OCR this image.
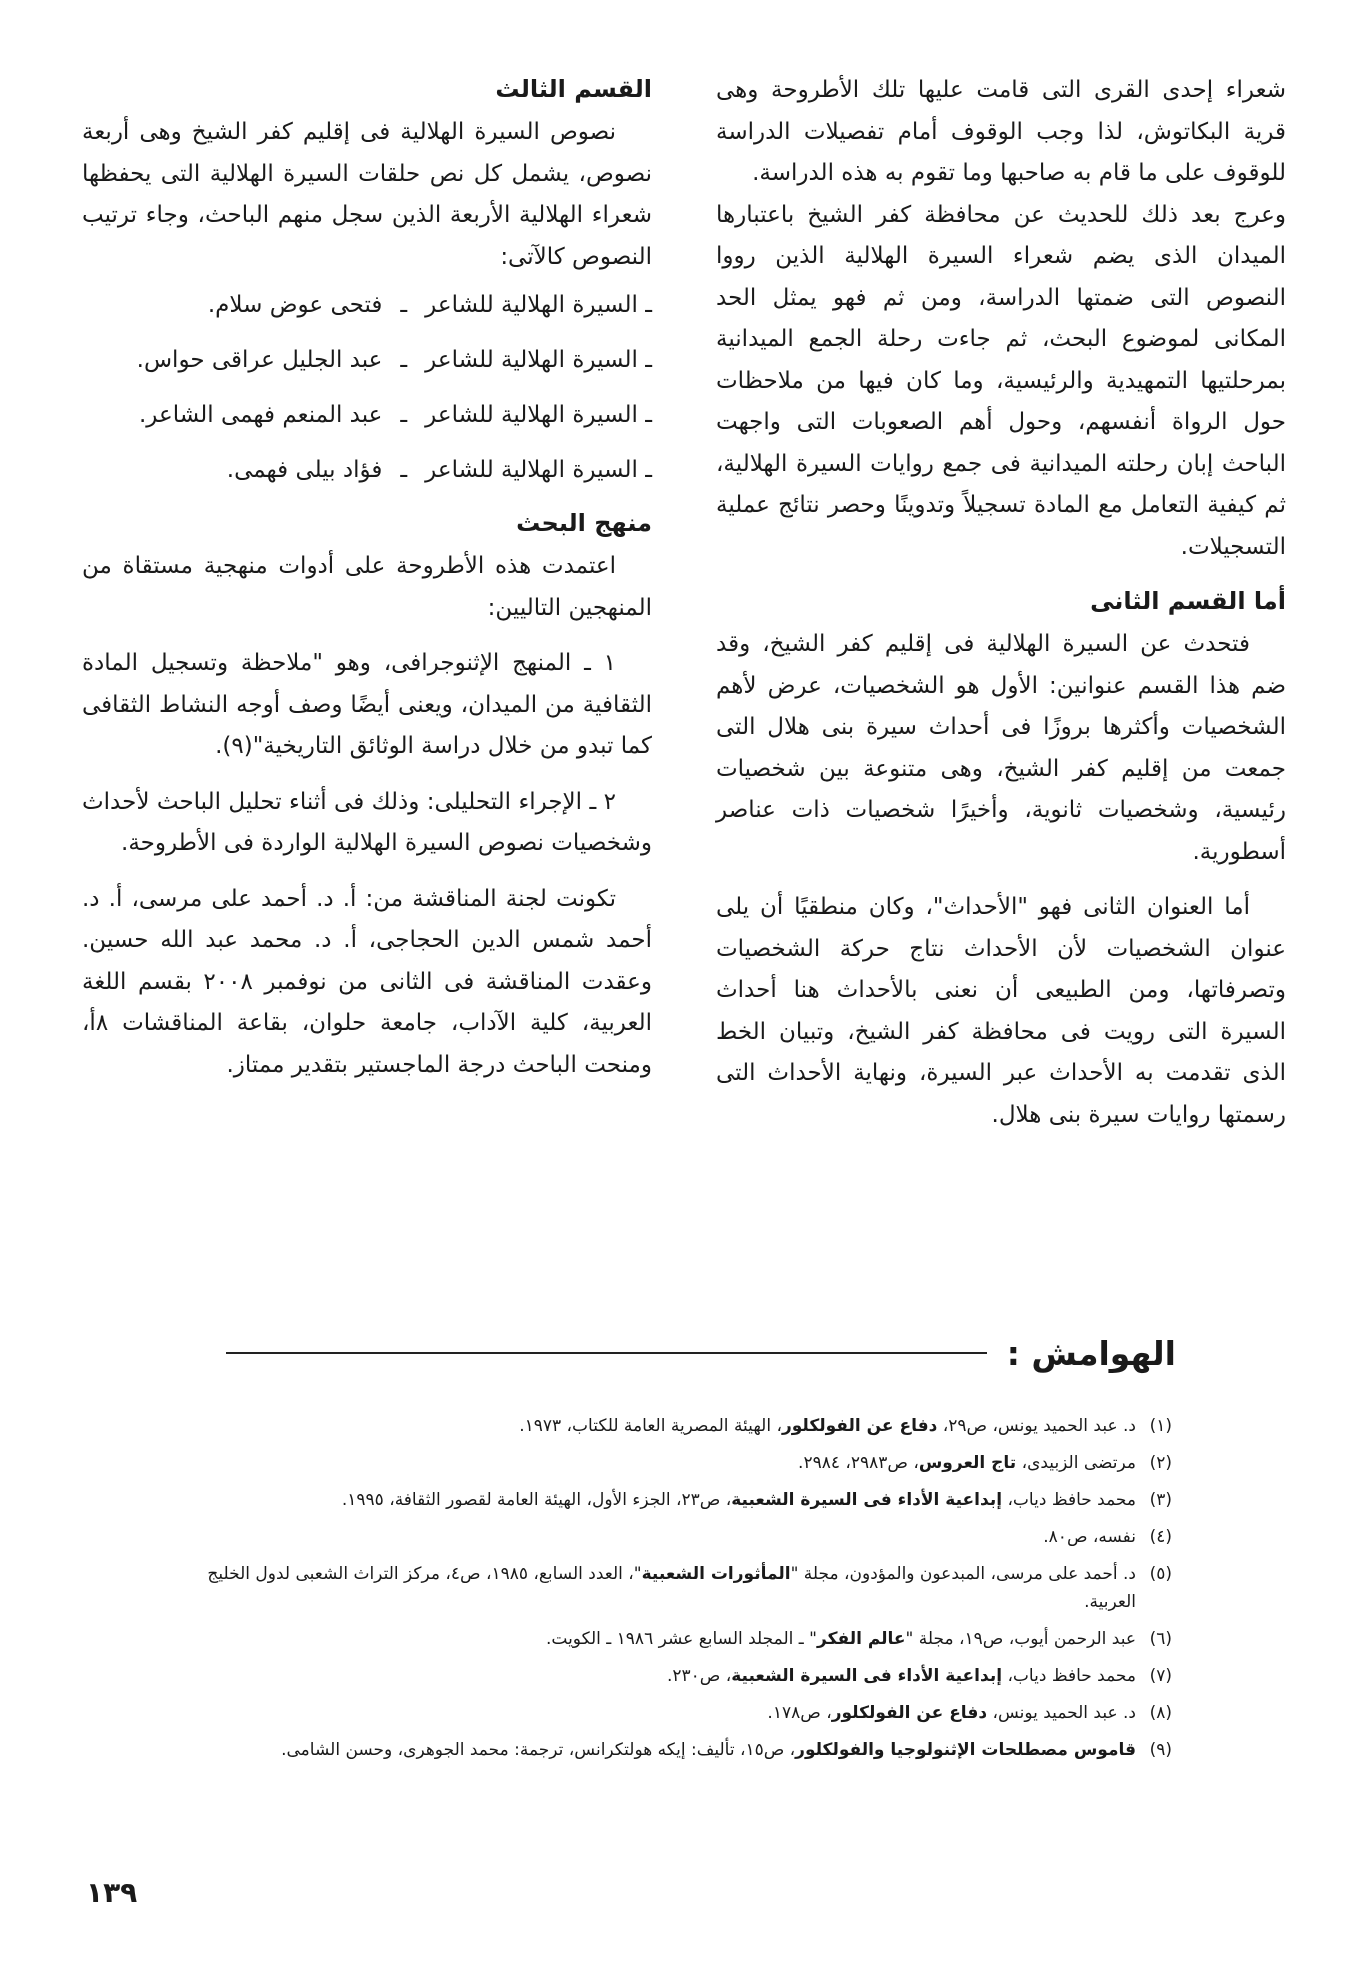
شعراء إحدى القرى التى قامت عليها تلك الأطروحة وهى قرية البكاتوش، لذا وجب الوقوف أمام تفصيلات الدراسة للوقوف على ما قام به صاحبها وما تقوم به هذه الدراسة.

وعرج بعد ذلك للحديث عن محافظة كفر الشيخ باعتبارها الميدان الذى يضم شعراء السيرة الهلالية الذين رووا النصوص التى ضمتها الدراسة، ومن ثم فهو يمثل الحد المكانى لموضوع البحث، ثم جاءت رحلة الجمع الميدانية بمرحلتيها التمهيدية والرئيسية، وما كان فيها من ملاحظات حول الرواة أنفسهم، وحول أهم الصعوبات التى واجهت الباحث إبان رحلته الميدانية فى جمع روايات السيرة الهلالية، ثم كيفية التعامل مع المادة تسجيلاً وتدوينًا وحصر نتائج عملية التسجيلات.

أما القسم الثانى

فتحدث عن السيرة الهلالية فى إقليم كفر الشيخ، وقد ضم هذا القسم عنوانين: الأول هو الشخصيات، عرض لأهم الشخصيات وأكثرها بروزًا فى أحداث سيرة بنى هلال التى جمعت من إقليم كفر الشيخ، وهى متنوعة بين شخصيات رئيسية، وشخصيات ثانوية، وأخيرًا شخصيات ذات عناصر أسطورية.

أما العنوان الثانى فهو "الأحداث"، وكان منطقيًا أن يلى عنوان الشخصيات لأن الأحداث نتاج حركة الشخصيات وتصرفاتها، ومن الطبيعى أن نعنى بالأحداث هنا أحداث السيرة التى رويت فى محافظة كفر الشيخ، وتبيان الخط الذى تقدمت به الأحداث عبر السيرة، ونهاية الأحداث التى رسمتها روايات سيرة بنى هلال.

القسم الثالث

نصوص السيرة الهلالية فى إقليم كفر الشيخ وهى أربعة نصوص، يشمل كل نص حلقات السيرة الهلالية التى يحفظها شعراء الهلالية الأربعة الذين سجل منهم الباحث، وجاء ترتيب النصوص كالآتى:

ـ السيرة الهلالية للشاعرـفتحى عوض سلام.
ـ السيرة الهلالية للشاعرـعبد الجليل عراقى حواس.
ـ السيرة الهلالية للشاعرـعبد المنعم فهمى الشاعر.
ـ السيرة الهلالية للشاعرـفؤاد بيلى فهمى.
منهج البحث

اعتمدت هذه الأطروحة على أدوات منهجية مستقاة من المنهجين التاليين:

١ ـ المنهج الإثنوجرافى، وهو "ملاحظة وتسجيل المادة الثقافية من الميدان، ويعنى أيضًا وصف أوجه النشاط الثقافى كما تبدو من خلال دراسة الوثائق التاريخية"(٩).

٢ ـ الإجراء التحليلى: وذلك فى أثناء تحليل الباحث لأحداث وشخصيات نصوص السيرة الهلالية الواردة فى الأطروحة.

تكونت لجنة المناقشة من: أ. د. أحمد على مرسى، أ. د. أحمد شمس الدين الحجاجى، أ. د. محمد عبد الله حسين. وعقدت المناقشة فى الثانى من نوفمبر ٢٠٠٨ بقسم اللغة العربية، كلية الآداب، جامعة حلوان، بقاعة المناقشات ٨أ، ومنحت الباحث درجة الماجستير بتقدير ممتاز.

الهوامش :
(١)
د. عبد الحميد يونس، ص٢٩، دفاع عن الفولكلور، الهيئة المصرية العامة للكتاب، ١٩٧٣.
(٢)
مرتضى الزبيدى، تاج العروس، ص٢٩٨٣، ٢٩٨٤.
(٣)
محمد حافظ دياب، إبداعية الأداء فى السيرة الشعبية، ص٢٣، الجزء الأول، الهيئة العامة لقصور الثقافة، ١٩٩٥.
(٤)
نفسه، ص٨٠.
(٥)
د. أحمد على مرسى، المبدعون والمؤدون، مجلة "المأثورات الشعبية"، العدد السابع، ١٩٨٥، ص٤، مركز التراث الشعبى لدول الخليج العربية.
(٦)
عبد الرحمن أيوب، ص١٩، مجلة "عالم الفكر" ـ المجلد السابع عشر ١٩٨٦ ـ الكويت.
(٧)
محمد حافظ دياب، إبداعية الأداء فى السيرة الشعبية، ص٢٣٠.
(٨)
د. عبد الحميد يونس، دفاع عن الفولكلور، ص١٧٨.
(٩)
قاموس مصطلحات الإثنولوجيا والفولكلور، ص١٥، تأليف: إيكه هولتكرانس، ترجمة: محمد الجوهرى، وحسن الشامى.
١٣٩
